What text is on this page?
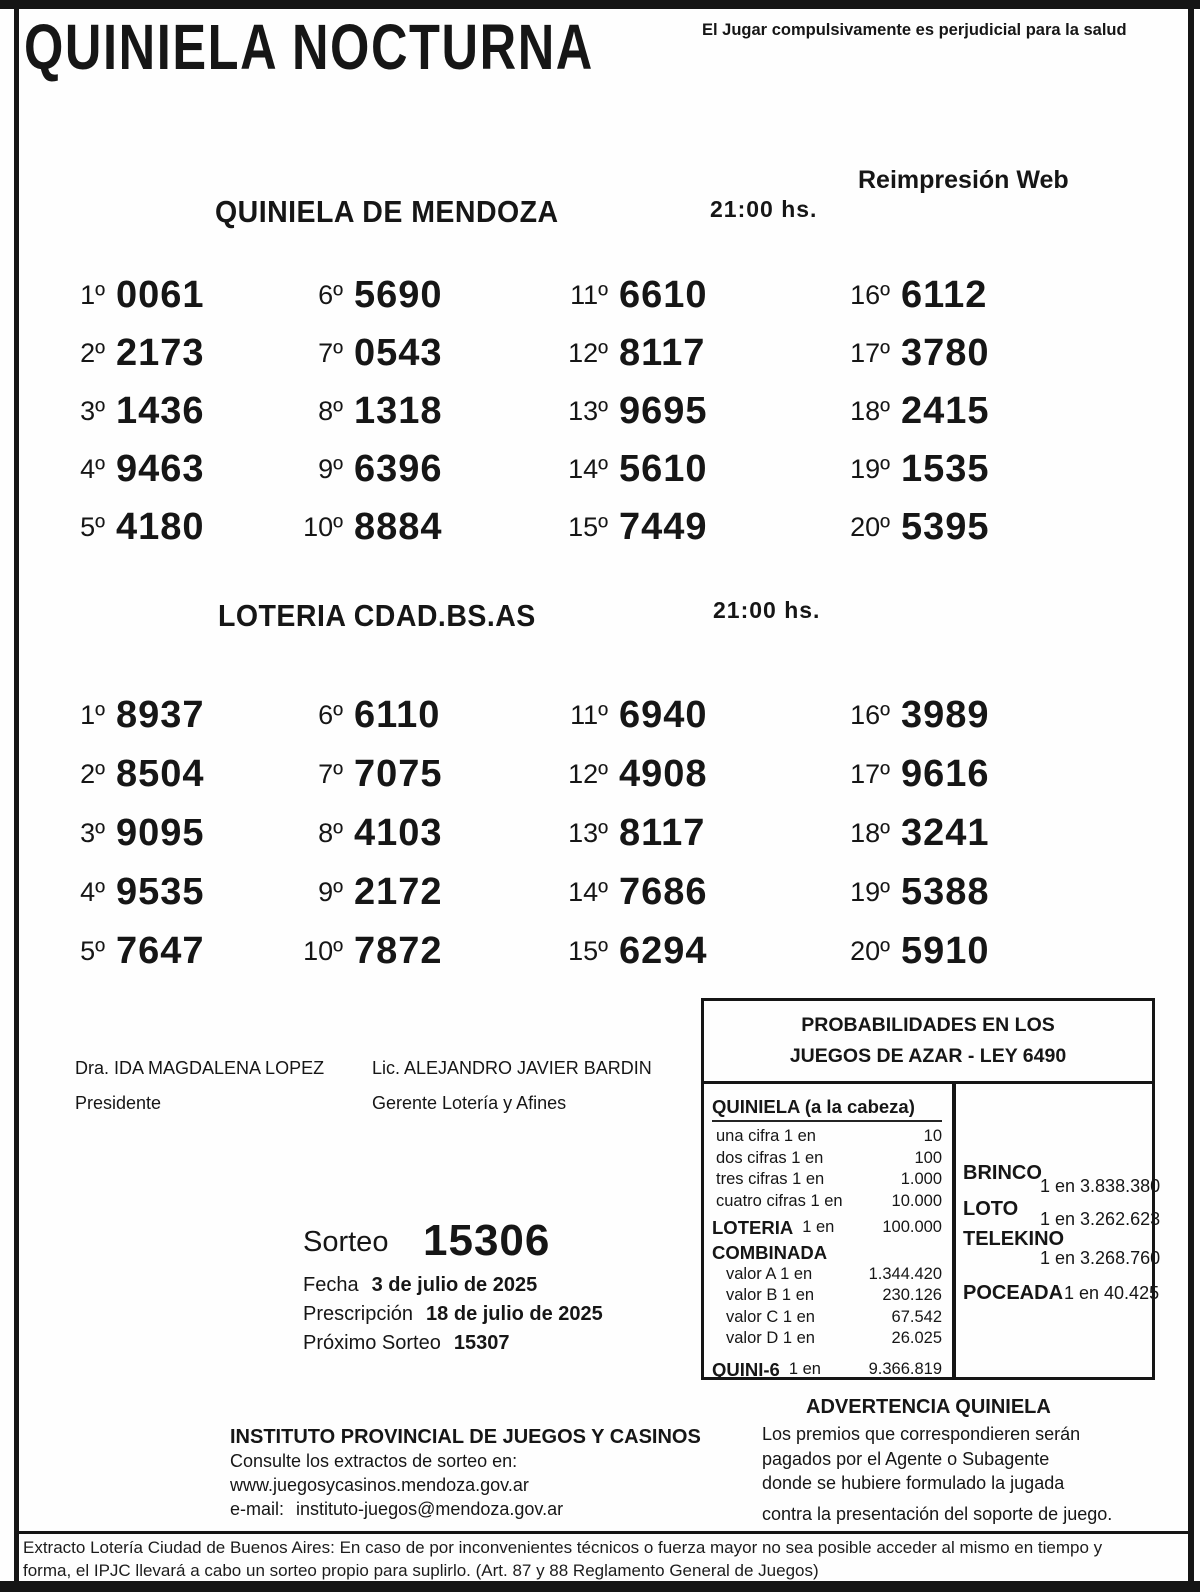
QUINIELA NOCTURNA	El Jugar compulsivamente es perjudicial para la salud
Reimpresión Web
QUINIELA DE MENDOZA	21:00 hs.
1º 0061
2º 2173
3º 1436
4º 9463
5º 4180
6º 5690
7º 0543
8º 1318
9º 6396
10º 8884
11º 6610
12º 8117
13º 9695
14º 5610
15º 7449
16º 6112
17º 3780
18º 2415
19º 1535
20º 5395
LOTERIA CDAD.BS.AS	21:00 hs.
1º 8937
2º 8504
3º 9095
4º 9535
5º 7647
6º 6110
7º 7075
8º 4103
9º 2172
10º 7872
11º 6940
12º 4908
13º 8117
14º 7686
15º 6294
16º 3989
17º 9616
18º 3241
19º 5388
20º 5910
Dra. IDA MAGDALENA LOPEZ
Presidente
Lic. ALEJANDRO JAVIER BARDIN
Gerente Lotería y Afines
Sorteo 15306
Fecha 3 de julio de 2025
Prescripción 18 de julio de 2025
Próximo Sorteo 15307
PROBABILIDADES EN LOS
JUEGOS DE AZAR - LEY 6490
QUINIELA (a la cabeza)
una cifra 1 en	10
dos cifras 1 en	100
tres cifras 1 en	1.000
cuatro cifras 1 en	10.000
LOTERIA 1 en	100.000
COMBINADA
valor A 1 en	1.344.420
valor B 1 en	230.126
valor C 1 en	67.542
valor D 1 en	26.025
QUINI-6 1 en	9.366.819
BRINCO
1 en 3.838.380
LOTO 1 en 3.262.623
TELEKINO
1 en 3.268.760
POCEADA 1 en 40.425
ADVERTENCIA QUINIELA
Los premios que correspondieren serán
pagados por el Agente o Subagente
donde se hubiere formulado la jugada
contra la presentación del soporte de juego.
INSTITUTO PROVINCIAL DE JUEGOS Y CASINOS
Consulte los extractos de sorteo en:
www.juegosycasinos.mendoza.gov.ar
e-mail: instituto-juegos@mendoza.gov.ar
Extracto Lotería Ciudad de Buenos Aires: En caso de por inconvenientes técnicos o fuerza mayor no sea posible acceder al mismo en tiempo y
forma, el IPJC llevará a cabo un sorteo propio para suplirlo. (Art. 87 y 88 Reglamento General de Juegos)
